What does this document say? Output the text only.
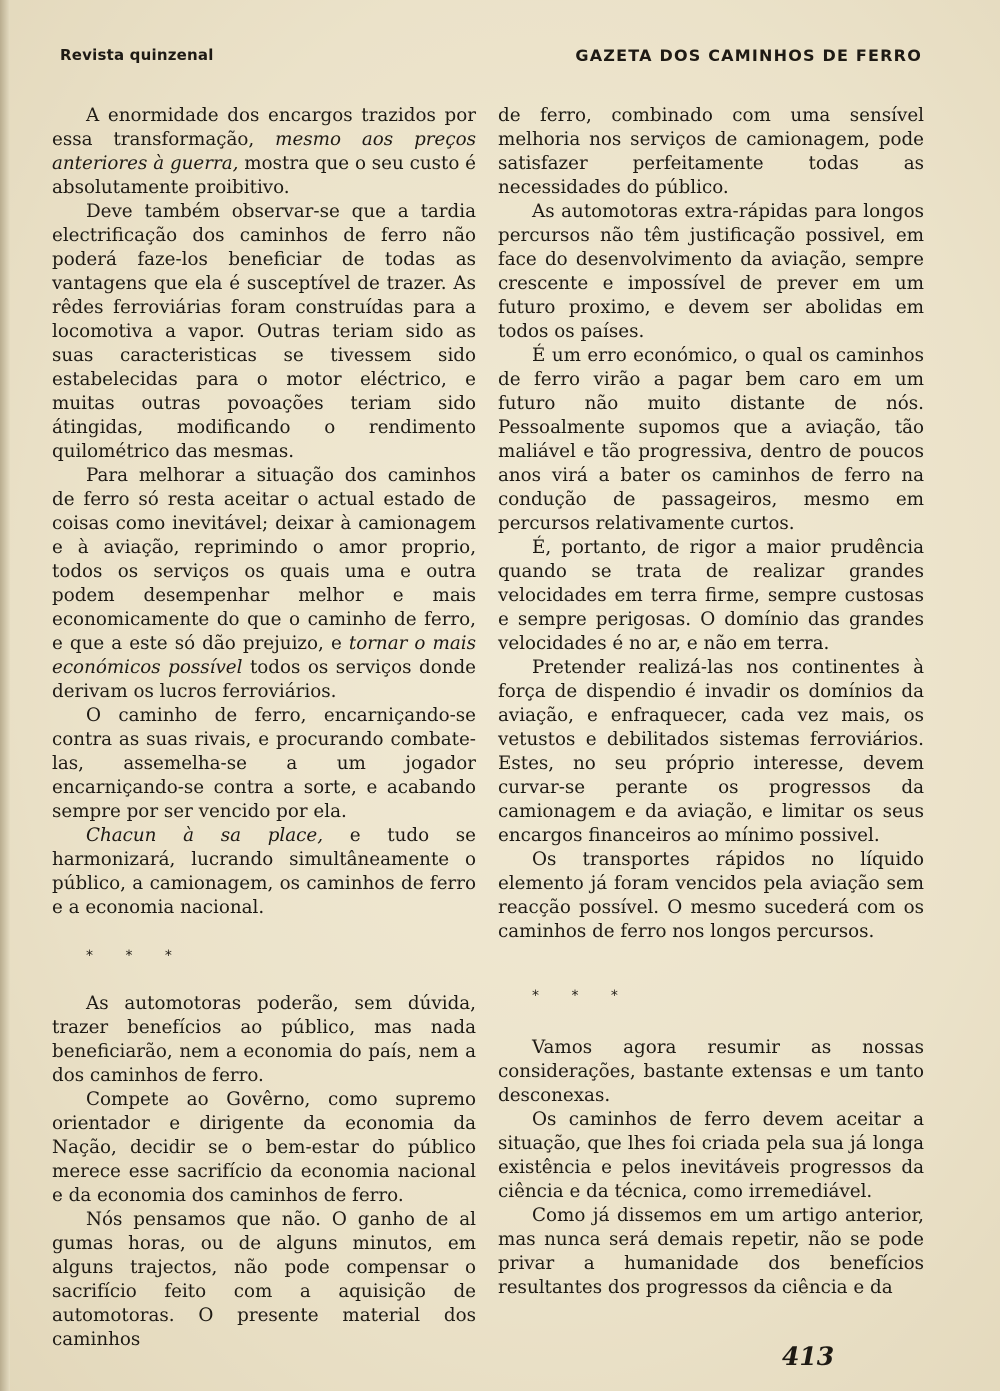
Revista quinzenal	GAZETA DOS CAMINHOS DE FERRO

A enormidade dos encargos trazidos por essa transformação, mesmo aos preços anteriores à guerra, mostra que o seu custo é absolutamente proibitivo.

Deve também observar-se que a tardia electrificação dos caminhos de ferro não poderá faze-los beneficiar de todas as vantagens que ela é susceptível de trazer. As rêdes ferroviárias foram construídas para a locomotiva a vapor. Outras teriam sido as suas caracteristicas se tivessem sido estabelecidas para o motor eléctrico, e muitas outras povoações teriam sido átingidas, modificando o rendimento quilométrico das mesmas.

Para melhorar a situação dos caminhos de ferro só resta aceitar o actual estado de coisas como inevitável; deixar à camionagem e à aviação, reprimindo o amor proprio, todos os serviços os quais uma e outra podem desempenhar melhor e mais economicamente do que o caminho de ferro, e que a este só dão prejuizo, e tornar o mais económicos possível todos os serviços donde derivam os lucros ferroviários.

O caminho de ferro, encarniçando-se contra as suas rivais, e procurando combate-las, assemelha-se a um jogador encarniçando-se contra a sorte, e acabando sempre por ser vencido por ela.

Chacun à sa place, e tudo se harmonizará, lucrando simultâneamente o público, a camionagem, os caminhos de ferro e a economia nacional.

* * *

As automotoras poderão, sem dúvida, trazer benefícios ao público, mas nada beneficiarão, nem a economia do país, nem a dos caminhos de ferro.

Compete ao Govêrno, como supremo orientador e dirigente da economia da Nação, decidir se o bem-estar do público merece esse sacrifício da economia nacional e da economia dos caminhos de ferro.

Nós pensamos que não. O ganho de al gumas horas, ou de alguns minutos, em alguns trajectos, não pode compensar o sacrifício feito com a aquisição de automotoras. O presente material dos caminhos

de ferro, combinado com uma sensível melhoria nos serviços de camionagem, pode satisfazer perfeitamente todas as necessidades do público.

As automotoras extra-rápidas para longos percursos não têm justificação possivel, em face do desenvolvimento da aviação, sempre crescente e impossível de prever em um futuro proximo, e devem ser abolidas em todos os países.

É um erro económico, o qual os caminhos de ferro virão a pagar bem caro em um futuro não muito distante de nós. Pessoalmente supomos que a aviação, tão maliável e tão progressiva, dentro de poucos anos virá a bater os caminhos de ferro na condução de passageiros, mesmo em percursos relativamente curtos.

É, portanto, de rigor a maior prudência quando se trata de realizar grandes velocidades em terra firme, sempre custosas e sempre perigosas. O domínio das grandes velocidades é no ar, e não em terra.

Pretender realizá-las nos continentes à força de dispendio é invadir os domínios da aviação, e enfraquecer, cada vez mais, os vetustos e debilitados sistemas ferroviários. Estes, no seu próprio interesse, devem curvar-se perante os progressos da camionagem e da aviação, e limitar os seus encargos financeiros ao mínimo possivel.

Os transportes rápidos no líquido elemento já foram vencidos pela aviação sem reacção possível. O mesmo sucederá com os caminhos de ferro nos longos percursos.

* * *

Vamos agora resumir as nossas considerações, bastante extensas e um tanto desconexas.

Os caminhos de ferro devem aceitar a situação, que lhes foi criada pela sua já longa existência e pelos inevitáveis progressos da ciência e da técnica, como irremediável.

Como já dissemos em um artigo anterior, mas nunca será demais repetir, não se pode privar a humanidade dos benefícios resultantes dos progressos da ciência e da

413
